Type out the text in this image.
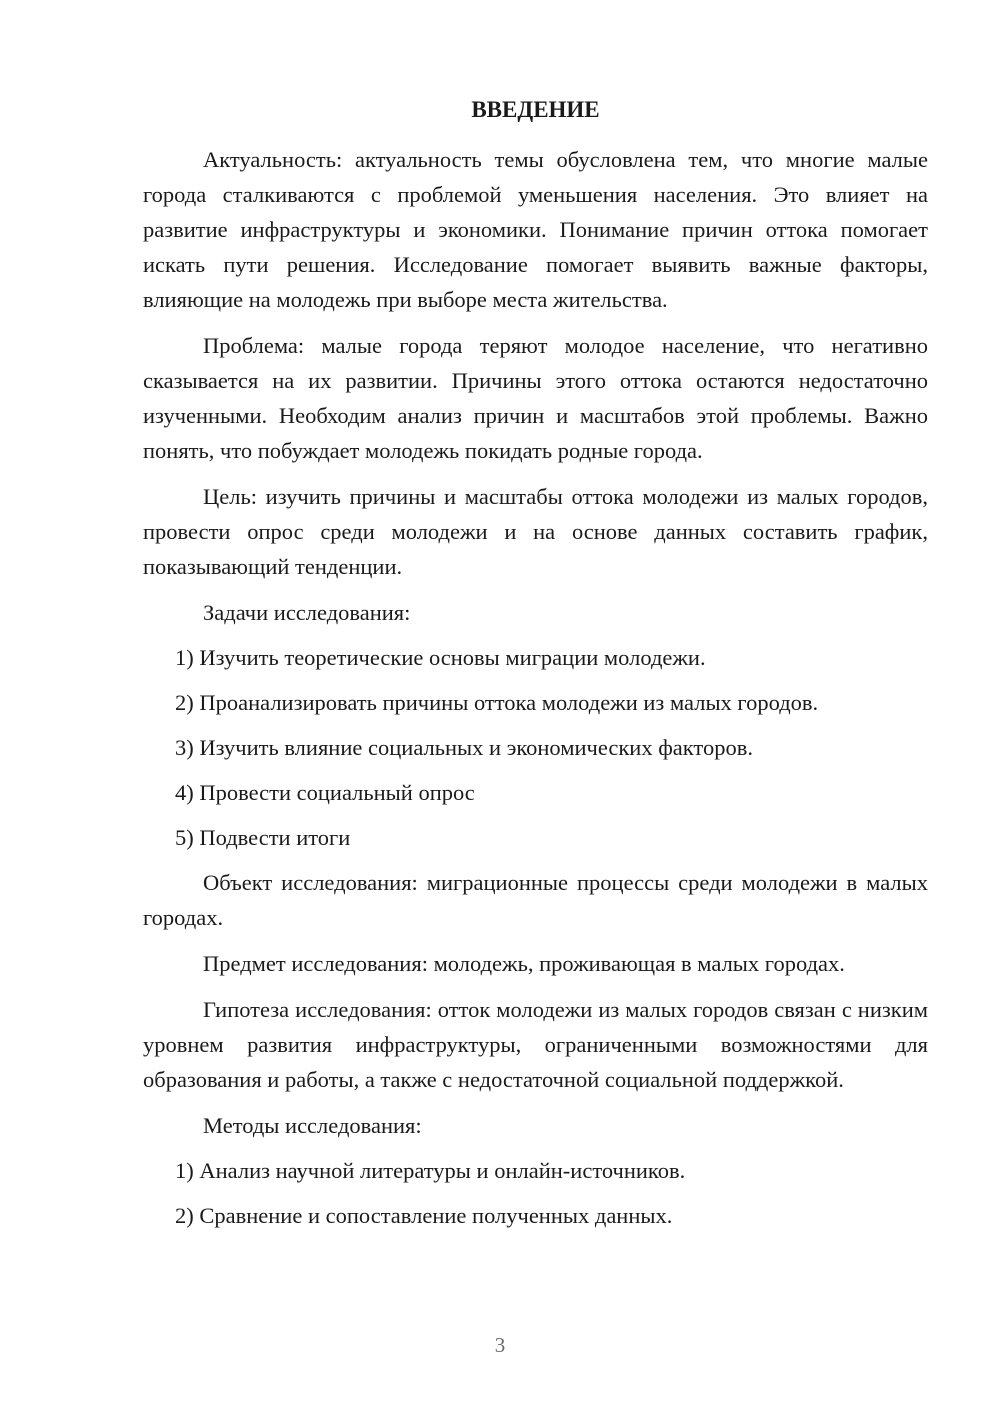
ВВЕДЕНИЕ
Актуальность: актуальность темы обусловлена тем, что многие малые города сталкиваются с проблемой уменьшения населения. Это влияет на развитие инфраструктуры и экономики. Понимание причин оттока помогает искать пути решения. Исследование помогает выявить важные факторы, влияющие на молодежь при выборе места жительства.
Проблема: малые города теряют молодое население, что негативно сказывается на их развитии. Причины этого оттока остаются недостаточно изученными. Необходим анализ причин и масштабов этой проблемы. Важно понять, что побуждает молодежь покидать родные города.
Цель: изучить причины и масштабы оттока молодежи из малых городов, провести опрос среди молодежи и на основе данных составить график, показывающий тенденции.
Задачи исследования:
1) Изучить теоретические основы миграции молодежи.
2) Проанализировать причины оттока молодежи из малых городов.
3) Изучить влияние социальных и экономических факторов.
4) Провести социальный опрос
5) Подвести итоги
Объект исследования: миграционные процессы среди молодежи в малых городах.
Предмет исследования: молодежь, проживающая в малых городах.
Гипотеза исследования: отток молодежи из малых городов связан с низким уровнем развития инфраструктуры, ограниченными возможностями для образования и работы, а также с недостаточной социальной поддержкой.
Методы исследования:
1) Анализ научной литературы и онлайн-источников.
2) Сравнение и сопоставление полученных данных.
3
